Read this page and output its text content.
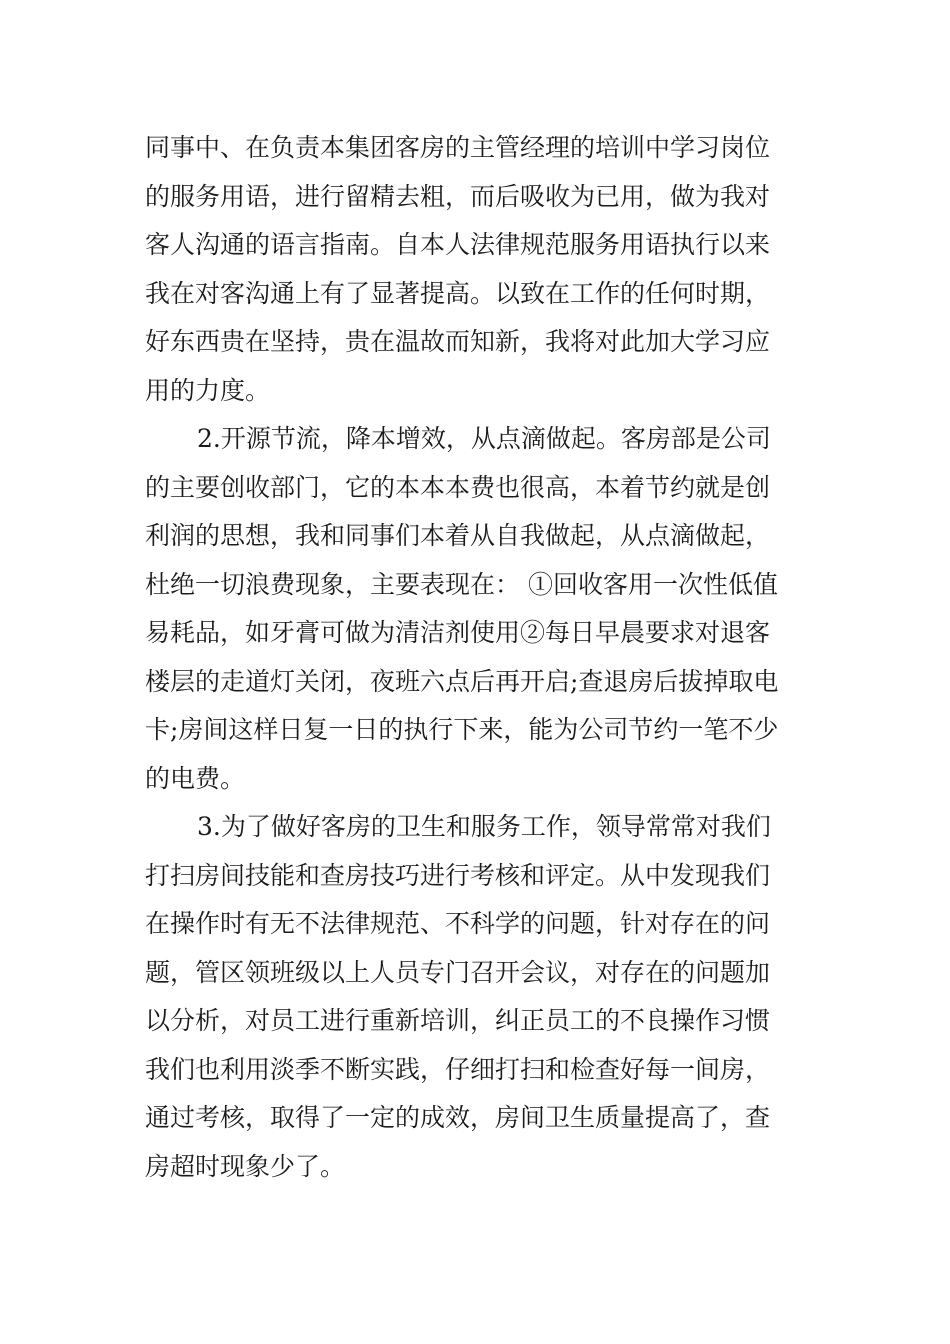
同事中、在负责本集团客房的主管经理的培训中学习岗位
的服务用语，进行留精去粗，而后吸收为已用，做为我对
客人沟通的语言指南。自本人法律规范服务用语执行以来
我在对客沟通上有了显著提高。以致在工作的任何时期，
好东西贵在坚持，贵在温故而知新，我将对此加大学习应
用的力度。
2.开源节流，降本增效，从点滴做起。客房部是公司
的主要创收部门，它的本本本费也很高，本着节约就是创
利润的思想，我和同事们本着从自我做起，从点滴做起，
杜绝一切浪费现象，主要表现在： ①回收客用一次性低值
易耗品，如牙膏可做为清洁剂使用②每日早晨要求对退客
楼层的走道灯关闭，夜班六点后再开启;查退房后拔掉取电
卡;房间这样日复一日的执行下来，能为公司节约一笔不少
的电费。
3.为了做好客房的卫生和服务工作，领导常常对我们
打扫房间技能和查房技巧进行考核和评定。从中发现我们
在操作时有无不法律规范、不科学的问题，针对存在的问
题，管区领班级以上人员专门召开会议，对存在的问题加
以分析，对员工进行重新培训，纠正员工的不良操作习惯
我们也利用淡季不断实践，仔细打扫和检查好每一间房，
通过考核，取得了一定的成效，房间卫生质量提高了，查
房超时现象少了。
